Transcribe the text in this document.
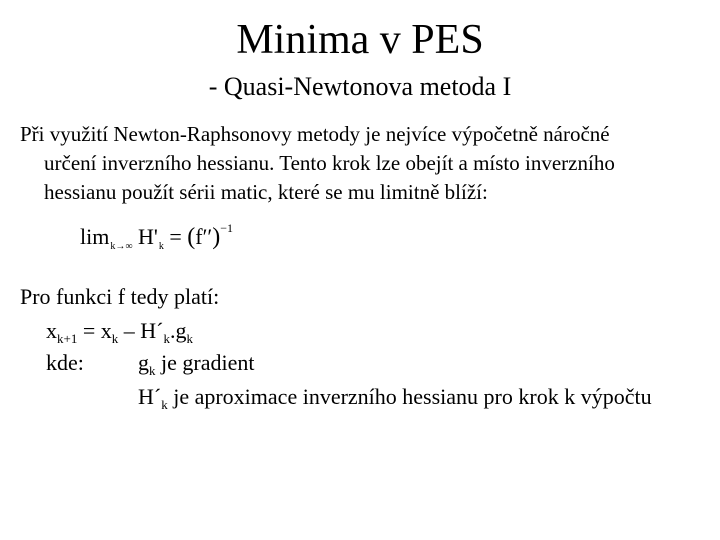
Minima v PES
- Quasi-Newtonova metoda I
Při využití Newton-Raphsonovy metody je nejvíce výpočetně náročné
určení inverzního hessianu. Tento krok lze obejít a místo inverzního
hessianu použít sérii matic, které se mu limitně blíží:
$\lim_{k\to\infty} H'_k = (f'')^{-1}$
Pro funkci f tedy platí:
$x_{k+1} = x_k$ – $H´_k.g_k$
kde: $g_k$ je gradient
$H´_k$ je aproximace inverzního hessianu pro krok k výpočtu
